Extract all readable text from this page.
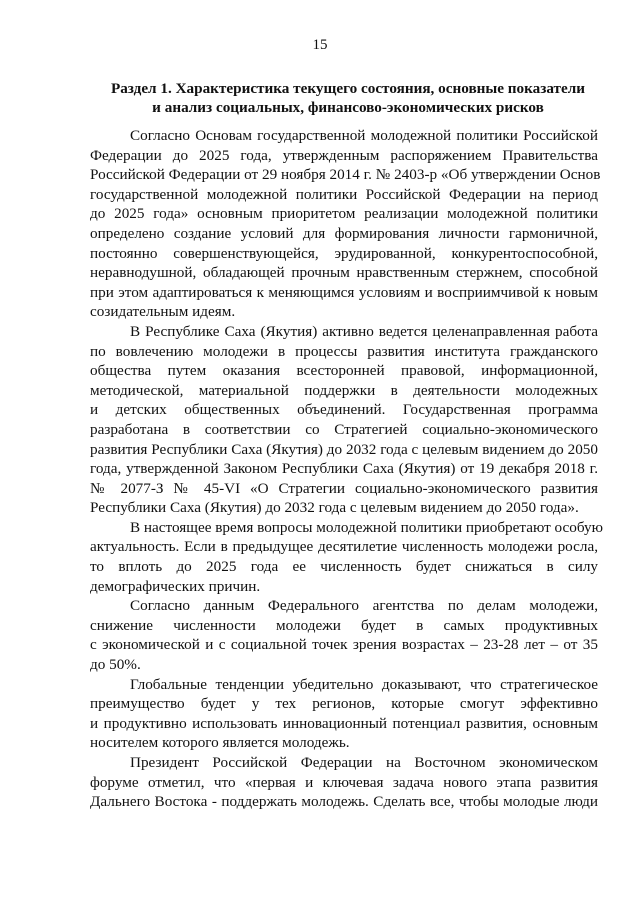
15
Раздел 1. Характеристика текущего состояния, основные показатели
и анализ социальных, финансово-экономических рисков
Согласно Основам государственной молодежной политики Российской
Федерации до 2025 года, утвержденным распоряжением Правительства
Российской Федерации от 29 ноября 2014 г. № 2403-р «Об утверждении Основ
государственной молодежной политики Российской Федерации на период
до 2025 года» основным приоритетом реализации молодежной политики
определено создание условий для формирования личности гармоничной,
постоянно совершенствующейся, эрудированной, конкурентоспособной,
неравнодушной, обладающей прочным нравственным стержнем, способной
при этом адаптироваться к меняющимся условиям и восприимчивой к новым
созидательным идеям.
В Республике Саха (Якутия) активно ведется целенаправленная работа
по вовлечению молодежи в процессы развития института гражданского
общества путем оказания всесторонней правовой, информационной,
методической, материальной поддержки в деятельности молодежных
и детских общественных объединений. Государственная программа
разработана в соответствии со Стратегией социально-экономического
развития Республики Саха (Якутия) до 2032 года с целевым видением до 2050
года, утвержденной Законом Республики Саха (Якутия) от 19 декабря 2018 г.
№ 2077-З № 45-VI «О Стратегии социально-экономического развития
Республики Саха (Якутия) до 2032 года с целевым видением до 2050 года».
В настоящее время вопросы молодежной политики приобретают особую
актуальность. Если в предыдущее десятилетие численность молодежи росла,
то вплоть до 2025 года ее численность будет снижаться в силу
демографических причин.
Согласно данным Федерального агентства по делам молодежи,
снижение численности молодежи будет в самых продуктивных
с экономической и с социальной точек зрения возрастах – 23-28 лет – от 35
до 50%.
Глобальные тенденции убедительно доказывают, что стратегическое
преимущество будет у тех регионов, которые смогут эффективно
и продуктивно использовать инновационный потенциал развития, основным
носителем которого является молодежь.
Президент Российской Федерации на Восточном экономическом
форуме отметил, что «первая и ключевая задача нового этапа развития
Дальнего Востока - поддержать молодежь. Сделать все, чтобы молодые люди
